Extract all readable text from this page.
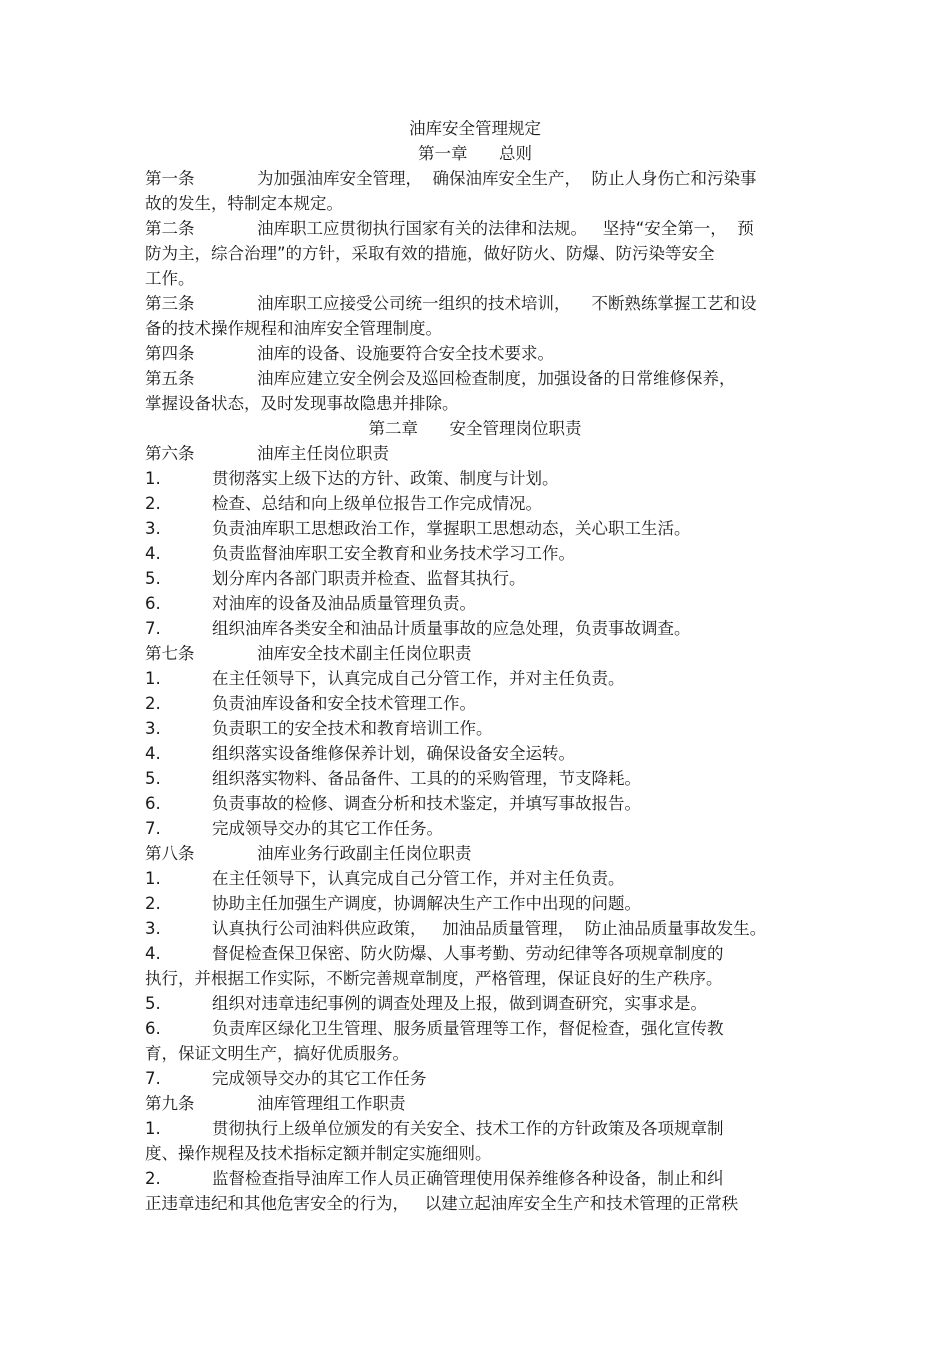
油库安全管理规定
第一章 总则
第一条	为加强油库安全管理，  确保油库安全生产，  防止人身伤亡和污染事
故的发生，特制定本规定。
第二条	油库职工应贯彻执行国家有关的法律和法规。   坚持“安全第一，  预
防为主，综合治理”的方针，采取有效的措施，做好防火、防爆、防污染等安全
工作。
第三条	油库职工应接受公司统一组织的技术培训，    不断熟练掌握工艺和设
备的技术操作规程和油库安全管理制度。
第四条	油库的设备、设施要符合安全技术要求。
第五条	油库应建立安全例会及巡回检查制度，加强设备的日常维修保养，
掌握设备状态，及时发现事故隐患并排除。
第二章 安全管理岗位职责
第六条	油库主任岗位职责
1.	贯彻落实上级下达的方针、政策、制度与计划。
2.	检查、总结和向上级单位报告工作完成情况。
3.	负责油库职工思想政治工作，掌握职工思想动态，关心职工生活。
4.	负责监督油库职工安全教育和业务技术学习工作。
5.	划分库内各部门职责并检查、监督其执行。
6.	对油库的设备及油品质量管理负责。
7.	组织油库各类安全和油品计质量事故的应急处理，负责事故调查。
第七条	油库安全技术副主任岗位职责
1.	在主任领导下，认真完成自己分管工作，并对主任负责。
2.	负责油库设备和安全技术管理工作。
3.	负责职工的安全技术和教育培训工作。
4.	组织落实设备维修保养计划，确保设备安全运转。
5.	组织落实物料、备品备件、工具的的采购管理，节支降耗。
6.	负责事故的检修、调查分析和技术鉴定，并填写事故报告。
7.	完成领导交办的其它工作任务。
第八条	油库业务行政副主任岗位职责
1.	在主任领导下，认真完成自己分管工作，并对主任负责。
2.	协助主任加强生产调度，协调解决生产工作中出现的问题。
3.	认真执行公司油料供应政策，   加油品质量管理，  防止油品质量事故发生。
4.	督促检查保卫保密、防火防爆、人事考勤、劳动纪律等各项规章制度的
执行，并根据工作实际，不断完善规章制度，严格管理，保证良好的生产秩序。
5.	组织对违章违纪事例的调查处理及上报，做到调查研究，实事求是。
6.	负责库区绿化卫生管理、服务质量管理等工作，督促检查，强化宣传教
育，保证文明生产，搞好优质服务。
7.	完成领导交办的其它工作任务
第九条	油库管理组工作职责
1.	贯彻执行上级单位颁发的有关安全、技术工作的方针政策及各项规章制
度、操作规程及技术指标定额并制定实施细则。
2.	监督检查指导油库工作人员正确管理使用保养维修各种设备，制止和纠
正违章违纪和其他危害安全的行为，   以建立起油库安全生产和技术管理的正常秩
